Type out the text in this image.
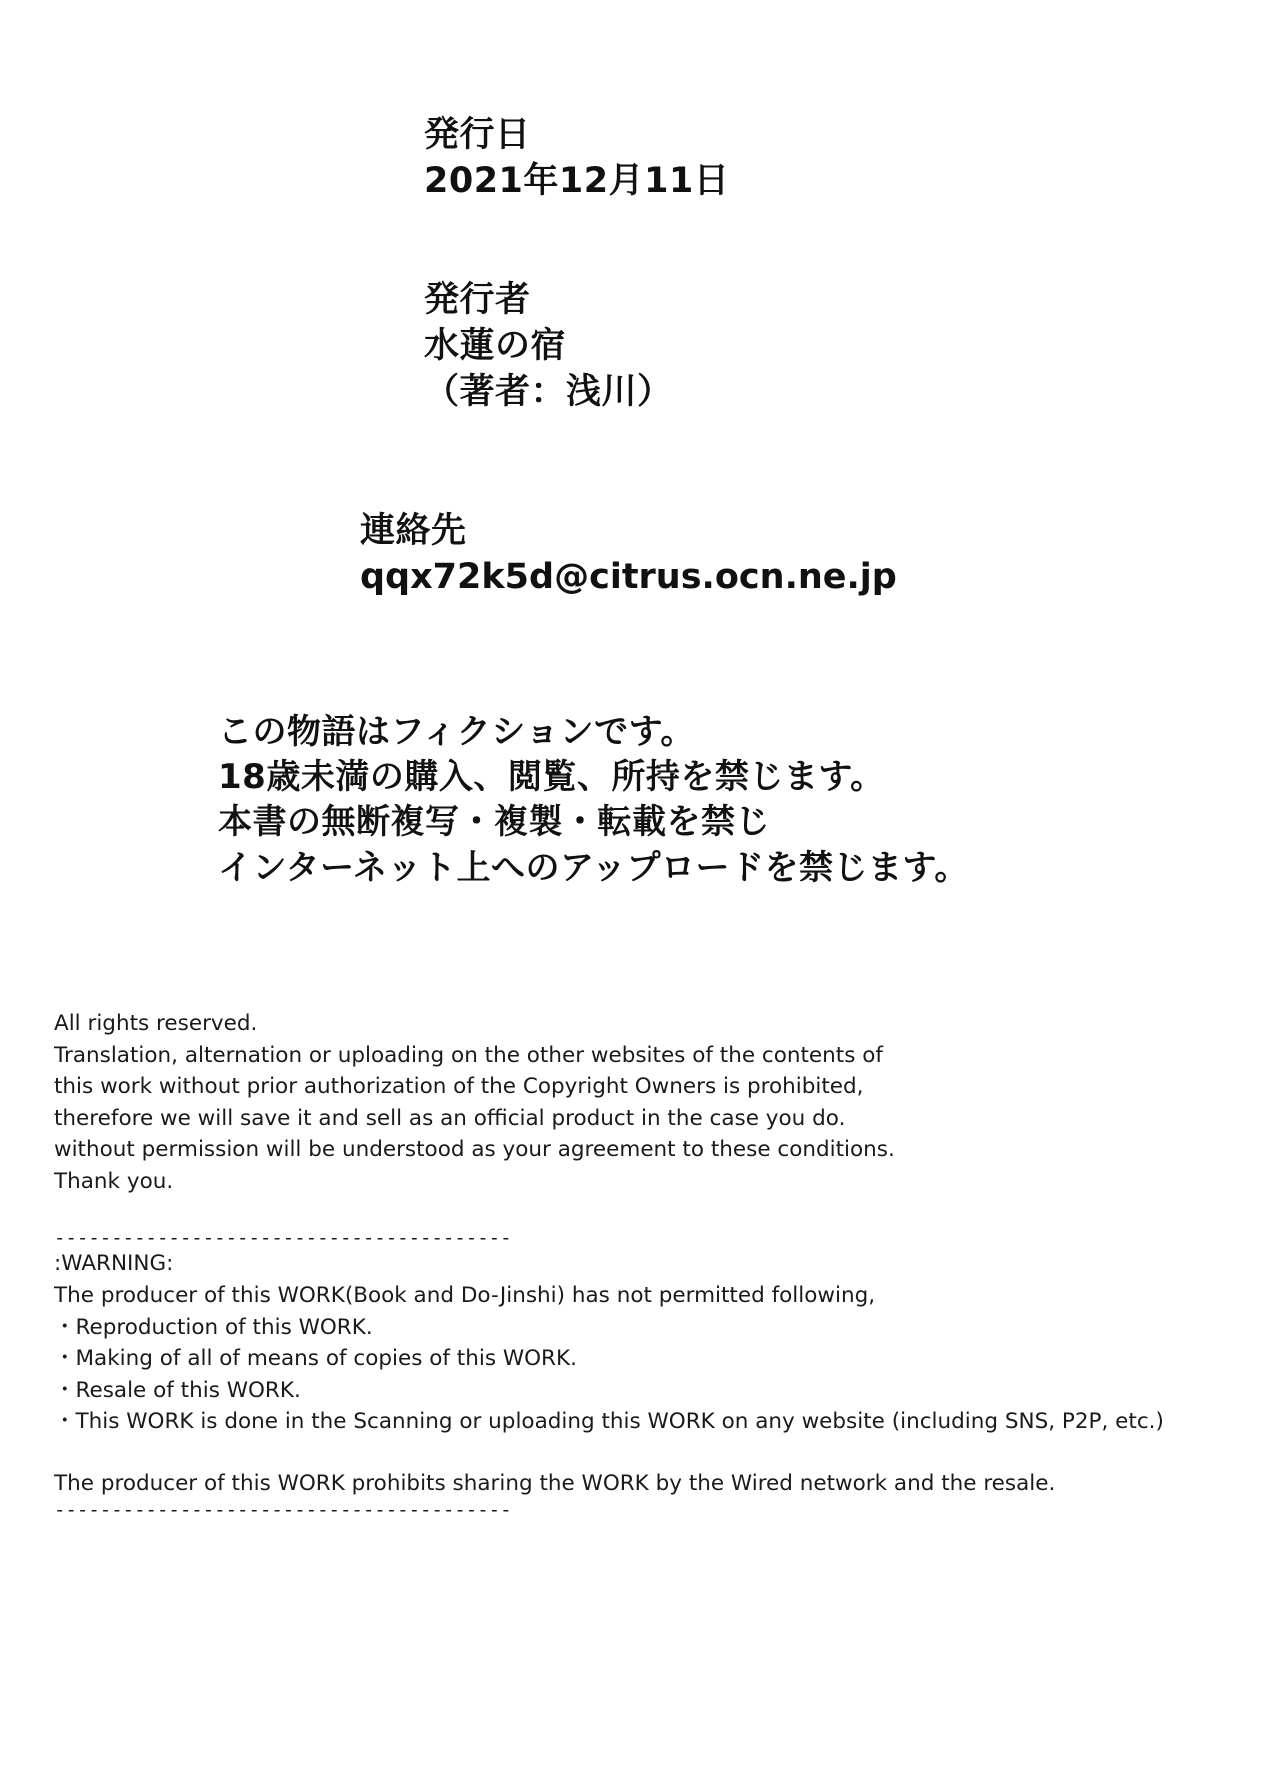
発行日
2021年12月11日
発行者
水蓮の宿
（著者：浅川）
連絡先
qqx72k5d@citrus.ocn.ne.jp
この物語はフィクションです。
18歳未満の購入、閲覧、所持を禁じます。
本書の無断複写・複製・転載を禁じ
インターネット上へのアップロードを禁じます。

All rights reserved.

Translation, alternation or uploading on the other websites of the contents of

this work without prior authorization of the Copyright Owners is prohibited,

therefore we will save it and sell as an official product in the case you do.

without permission will be understood as your agreement to these conditions.

Thank you.

----------------------------------------

:WARNING:

The producer of this WORK(Book and Do-Jinshi) has not permitted following,

・Reproduction of this WORK.

・Making of all of means of copies of this WORK.

・Resale of this WORK.

・This WORK is done in the Scanning or uploading this WORK on any website (including SNS, P2P, etc.)

The producer of this WORK prohibits sharing the WORK by the Wired network and the resale.

----------------------------------------
